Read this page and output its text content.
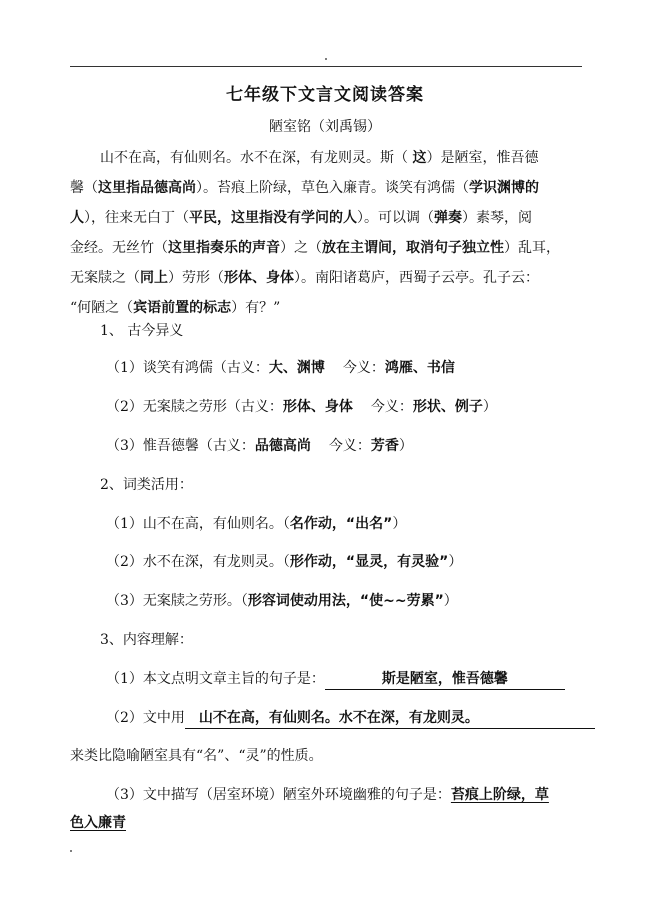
七年级下文言文阅读答案
陋室铭（刘禹锡）

山不在高，有仙则名。水不在深，有龙则灵。斯（ 这）是陋室，惟吾德

馨（这里指品德高尚）。苔痕上阶绿，草色入廉青。谈笑有鸿儒（学识渊博的

人），往来无白丁（平民，这里指没有学问的人）。可以调（弹奏）素琴，阅

金经。无丝竹（这里指奏乐的声音）之（放在主谓间，取消句子独立性）乱耳，

无案牍之（同上）劳形（形体、身体）。南阳诸葛庐，西蜀子云亭。孔子云：

“何陋之（宾语前置的标志）有？”

1、 古今异义
（1）谈笑有鸿儒（古义：大、渊博 今义：鸿雁、书信
（2）无案牍之劳形（古义：形体、身体 今义：形状、例子）
（3）惟吾德馨（古义：品德高尚 今义：芳香）
2、词类活用：
（1）山不在高，有仙则名。（名作动，“出名”）
（2）水不在深，有龙则灵。（形作动，“显灵，有灵验”）
（3）无案牍之劳形。（形容词使动用法，“使~~劳累”）
3、内容理解：
（1）本文点明文章主旨的句子是：	斯是陋室，惟吾德馨
（2）文中用 山不在高，有仙则名。水不在深，有龙则灵。
来类比隐喻陋室具有“名”、“灵”的性质。
（3）文中描写（居室环境）陋室外环境幽雅的句子是：苔痕上阶绿，草
色入廉青
